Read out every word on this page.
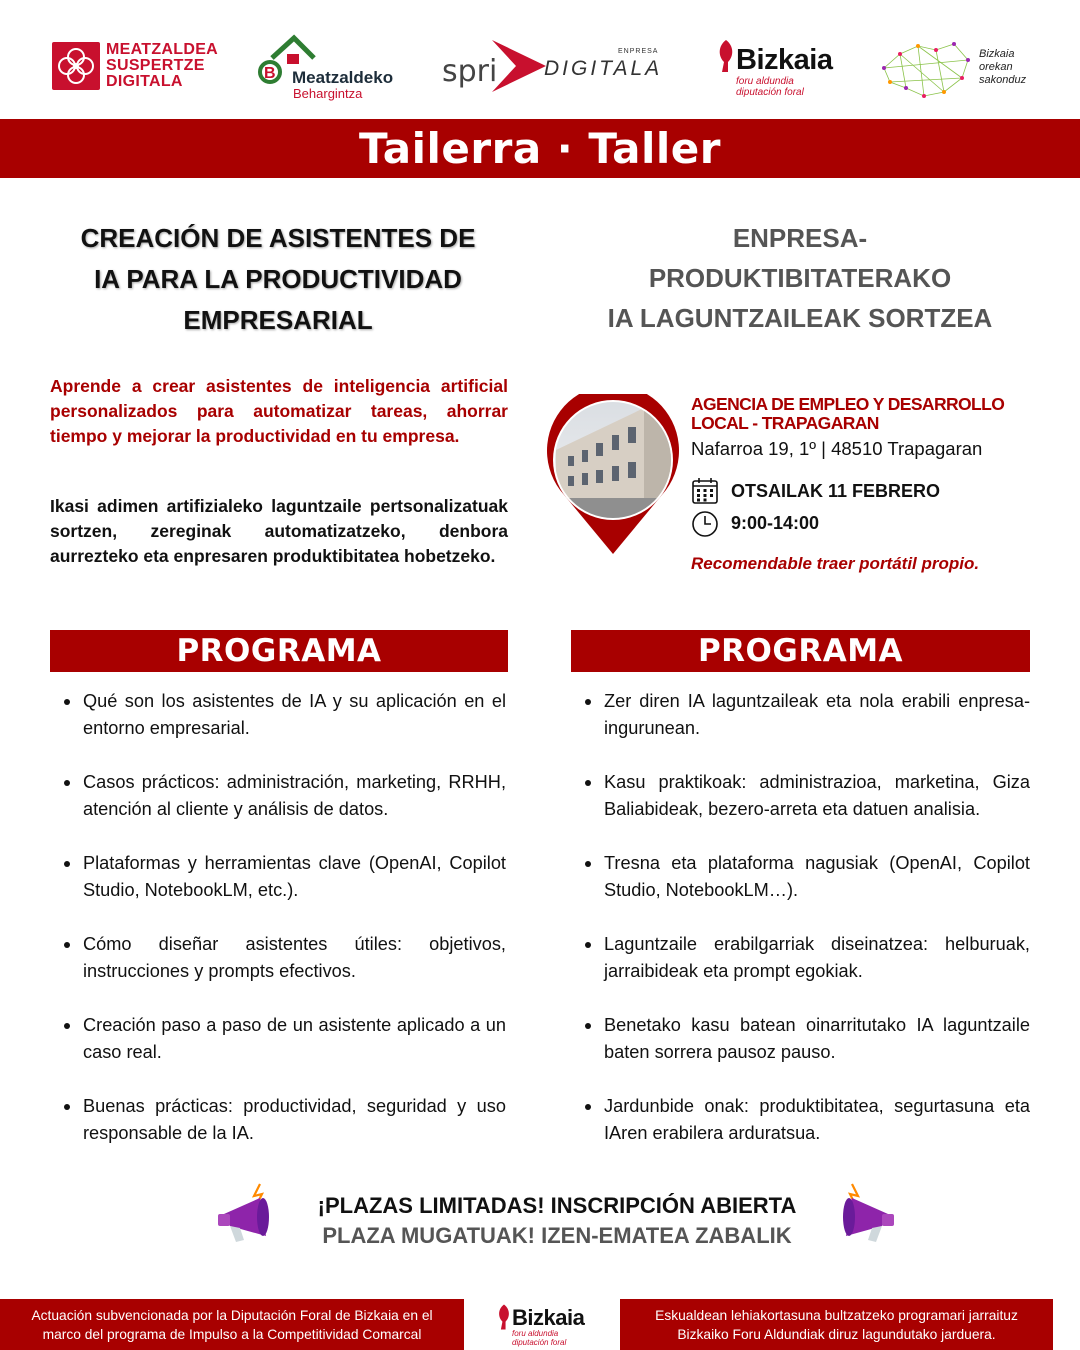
MEATZALDEA
SUSPERTZE
DIGITALA	B Meatzaldeko
Behargintza
spri
ENPRESA
DIGITALA	Bizkaia
foru aldundia
diputación foral
Bizkaia
orekan
sakonduz
Tailerra · Taller
CREACIÓN DE ASISTENTES DE
IA PARA LA PRODUCTIVIDAD
EMPRESARIAL
ENPRESA-
PRODUKTIBITATERAKO
IA LAGUNTZAILEAK SORTZEA

Aprende a crear asistentes de inteligencia artificial personalizados para automatizar tareas, ahorrar tiempo y mejorar la productividad en tu empresa.

Ikasi adimen artifizialeko laguntzaile pertsonalizatuak sortzen, zereginak automatizatzeko, denbora aurrezteko eta enpresaren produktibitatea hobetzeko.

AGENCIA DE EMPLEO Y DESARROLLO
LOCAL - TRAPAGARAN
Nafarroa 19, 1º | 48510 Trapagaran
OTSAILAK 11 FEBRERO
9:00-14:00
Recomendable traer portátil propio.
PROGRAMA	PROGRAMA
Qué son los asistentes de IA y su aplicación en el entorno empresarial.
Casos prácticos: administración, marketing, RRHH, atención al cliente y análisis de datos.
Plataformas y herramientas clave (OpenAI, Copilot Studio, NotebookLM, etc.).
Cómo diseñar asistentes útiles: objetivos, instrucciones y prompts efectivos.
Creación paso a paso de un asistente aplicado a un caso real.
Buenas prácticas: productividad, seguridad y uso responsable de la IA.
Zer diren IA laguntzaileak eta nola erabili enpresa-ingurunean.
Kasu praktikoak: administrazioa, marketina, Giza Baliabideak, bezero-arreta eta datuen analisia.
Tresna eta plataforma nagusiak (OpenAI, Copilot Studio, NotebookLM…).
Laguntzaile erabilgarriak diseinatzea: helburuak, jarraibideak eta prompt egokiak.
Benetako kasu batean oinarritutako IA laguntzaile baten sorrera pausoz pauso.
Jardunbide onak: produktibitatea, segurtasuna eta IAren erabilera arduratsua.
¡PLAZAS LIMITADAS! INSCRIPCIÓN ABIERTA
PLAZA MUGATUAK! IZEN-EMATEA ZABALIK
Actuación subvencionada por la Diputación Foral de Bizkaia en el
marco del programa de Impulso a la Competitividad Comarcal
Bizkaia
foru aldundia
diputación foral
Eskualdean lehiakortasuna bultzatzeko programari jarraituz
Bizkaiko Foru Aldundiak diruz lagundutako jarduera.
